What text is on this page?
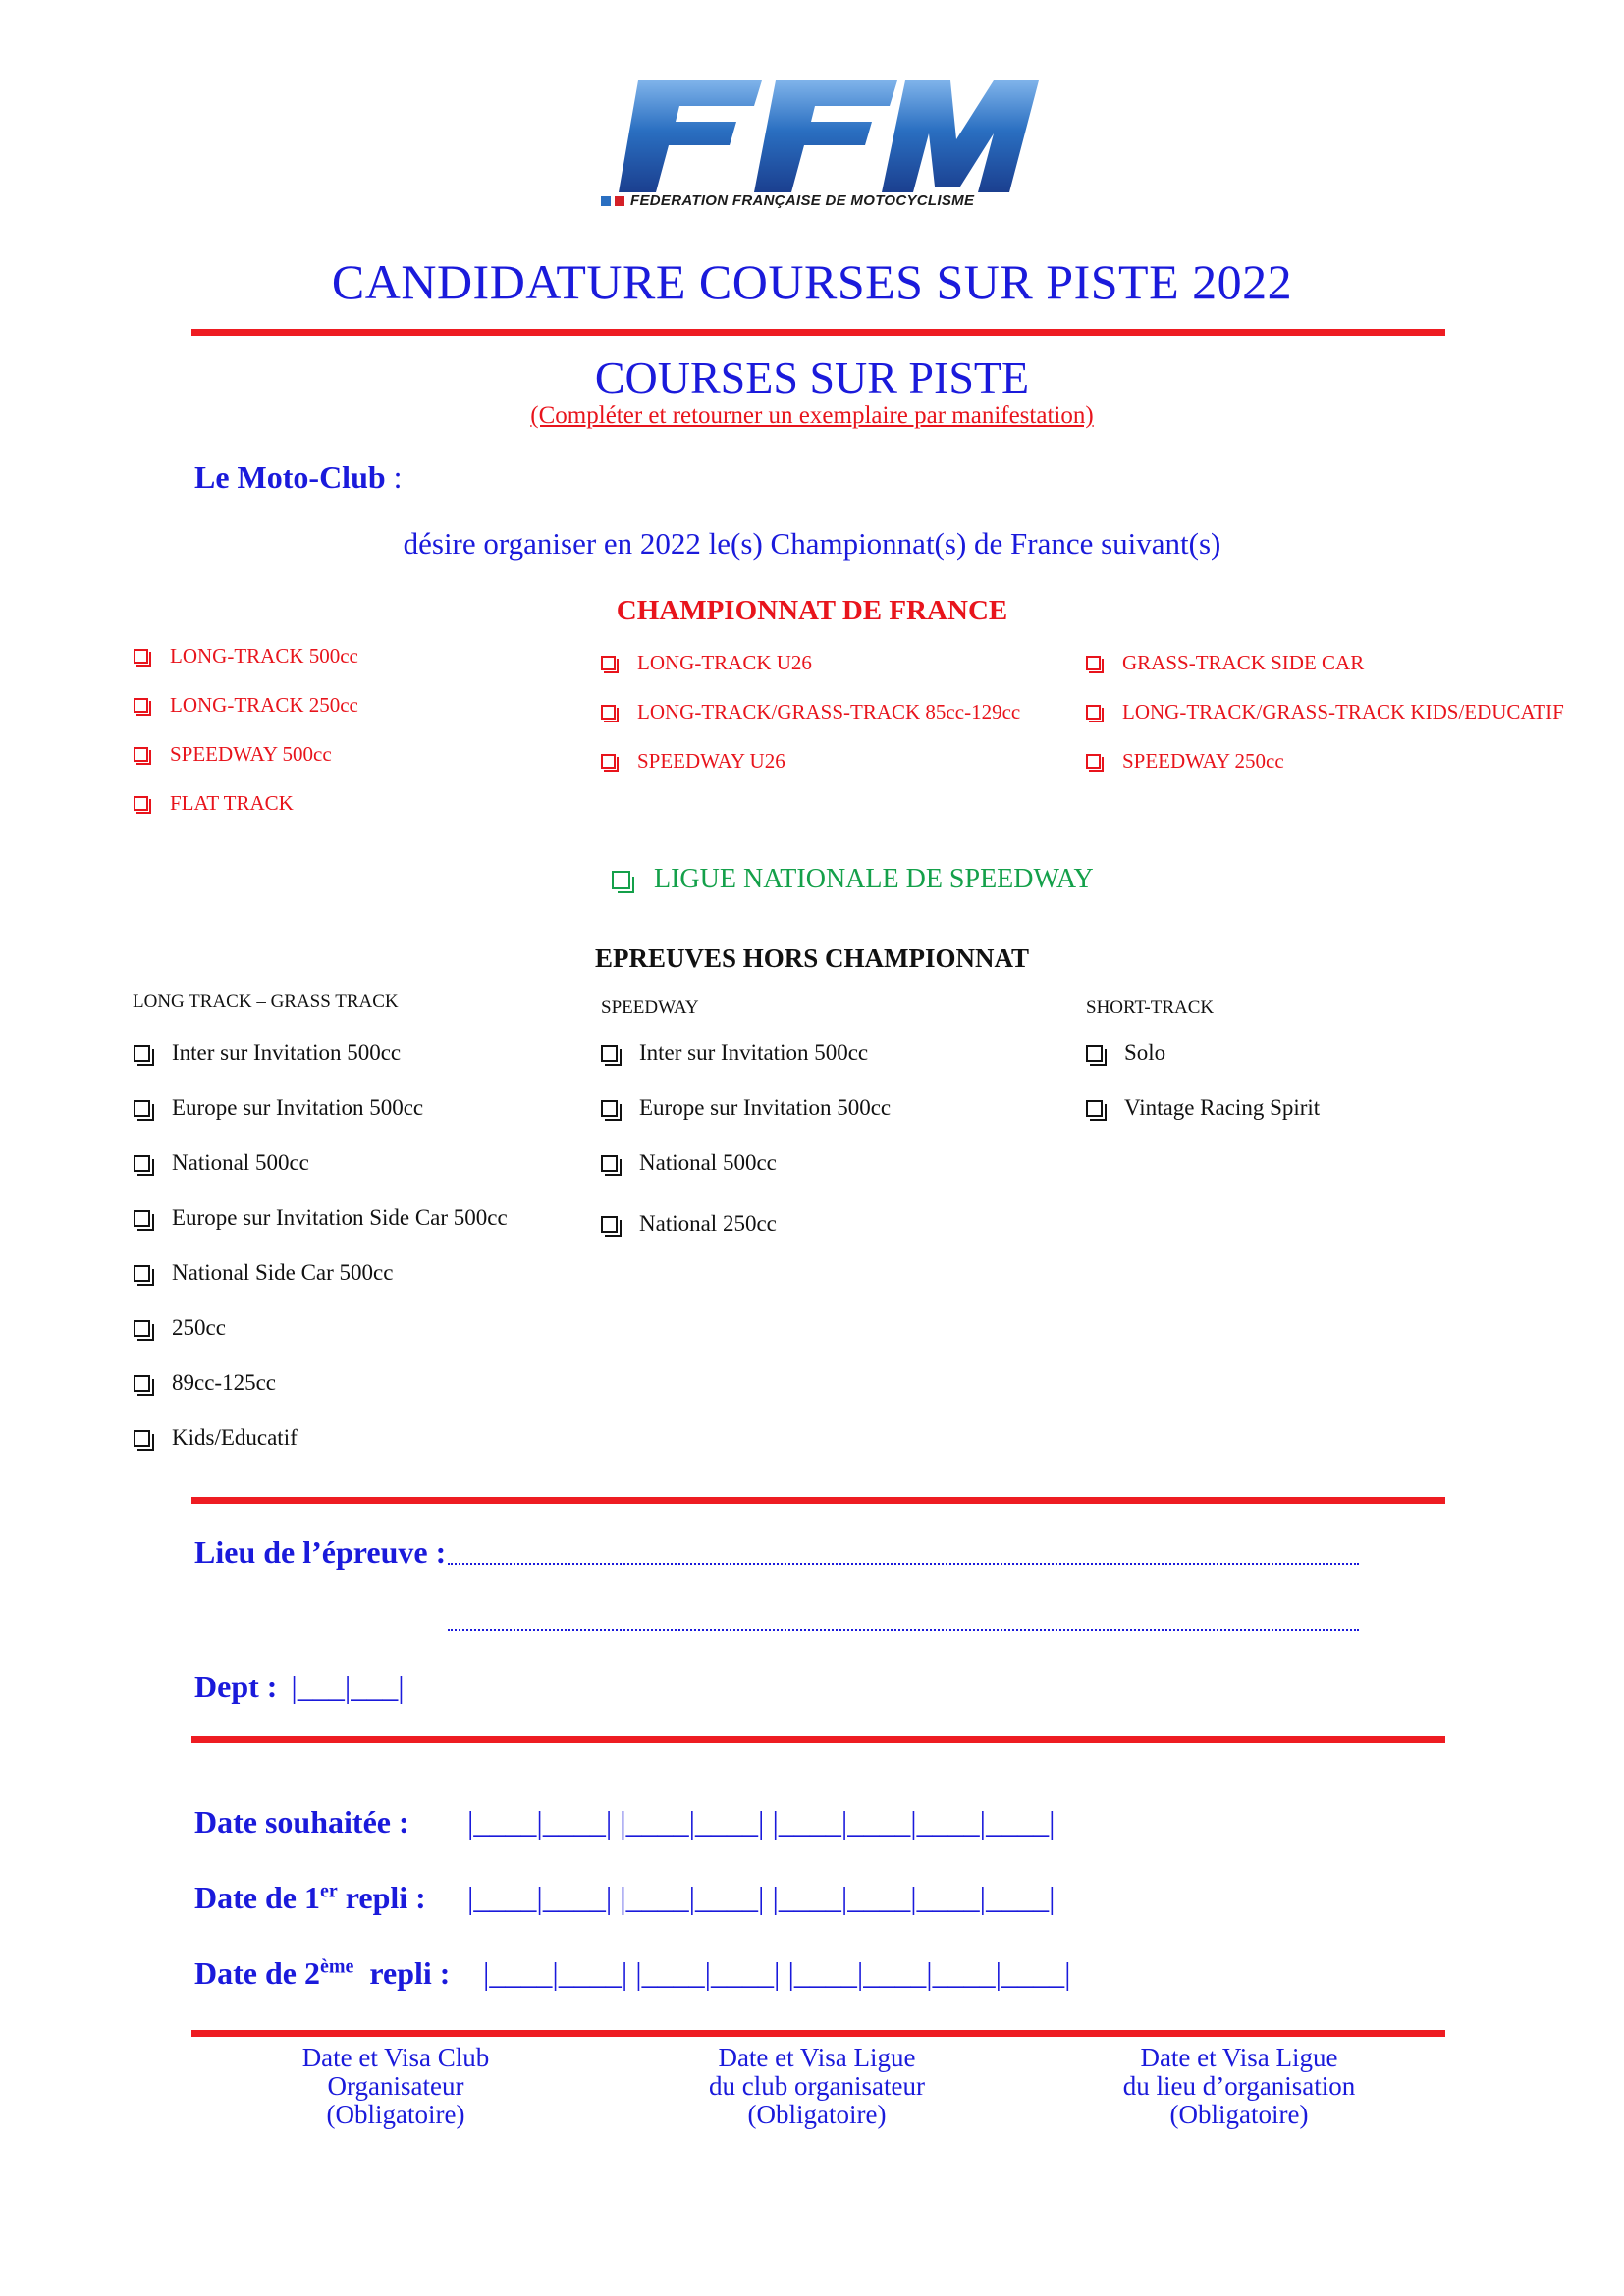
FEDERATION FRANÇAISE DE MOTOCYCLISME
CANDIDATURE COURSES SUR PISTE 2022
COURSES SUR PISTE
(Compléter et retourner un exemplaire par manifestation)
Le Moto-Club :
désire organiser en 2022 le(s) Championnat(s) de France suivant(s)
CHAMPIONNAT DE FRANCE
LONG-TRACK 500cc
LONG-TRACK 250cc
SPEEDWAY 500cc
FLAT TRACK
LONG-TRACK U26
LONG-TRACK/GRASS-TRACK 85cc-129cc
SPEEDWAY U26
GRASS-TRACK SIDE CAR
LONG-TRACK/GRASS-TRACK KIDS/EDUCATIF
SPEEDWAY 250cc
LIGUE NATIONALE DE SPEEDWAY
EPREUVES HORS CHAMPIONNAT
LONG TRACK – GRASS TRACK	SPEEDWAY	SHORT-TRACK
Inter sur Invitation 500cc
Europe sur Invitation 500cc
National 500cc
Europe sur Invitation Side Car 500cc
National Side Car 500cc
250cc
89cc-125cc
Kids/Educatif
Inter sur Invitation 500cc
Europe sur Invitation 500cc
National 500cc
National 250cc
Solo
Vintage Racing Spirit
Lieu de l’épreuve :
Dept : |___|___|
Date souhaitée : |____|____| |____|____| |____|____|____|____|
Date de 1er repli : |____|____| |____|____| |____|____|____|____|
Date de 2ème  repli : |____|____| |____|____| |____|____|____|____|
Date et Visa Club
Organisateur
(Obligatoire)
Date et Visa Ligue
du club organisateur
(Obligatoire)
Date et Visa Ligue
du lieu d’organisation
(Obligatoire)
